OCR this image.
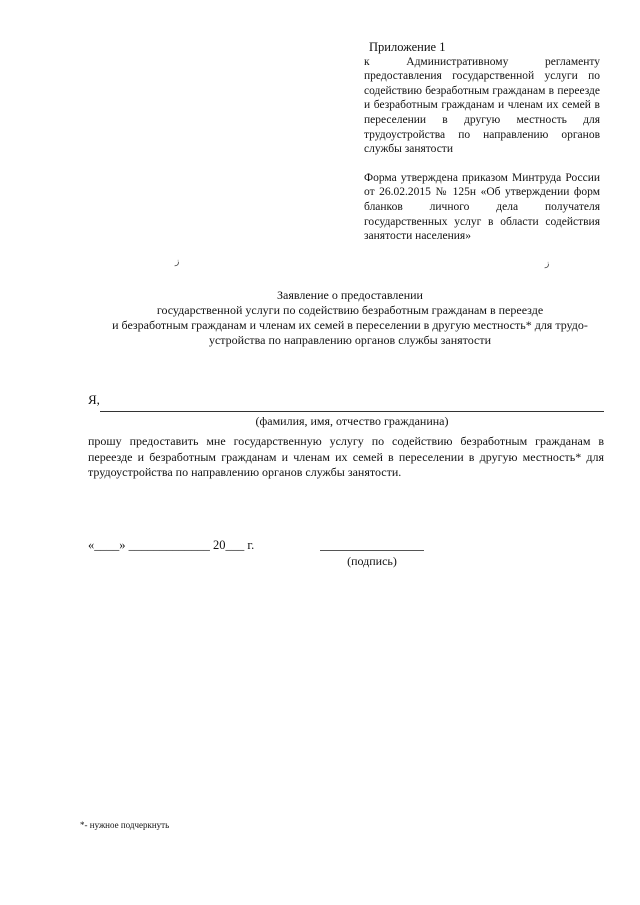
Приложение 1
к Административному регламенту предоставления государственной услуги по содействию безработным гражданам в переезде и безработным гражданам и членам их семей в переселении в другую местность для трудоустройства по направлению органов службы занятости
Форма утверждена приказом Минтруда России от 26.02.2015 № 125н «Об утверждении форм бланков личного дела получателя государственных услуг в области содействия занятости населения»
ز	ز
Заявление о предоставлении
государственной услуги по содействию безработным гражданам в переезде
и безработным гражданам и членам их семей в переселении в другую местность* для трудо-
устройства по направлению органов службы занятости
Я,
(фамилия, имя, отчество гражданина)
прошу предоставить мне государственную услугу по содействию безработным гражданам в переезде и безработным гражданам и членам их семей в переселении в другую местность* для трудоустройства по направлению органов службы занятости.
«____» _____________ 20___ г.
(подпись)
*- нужное подчеркнуть
